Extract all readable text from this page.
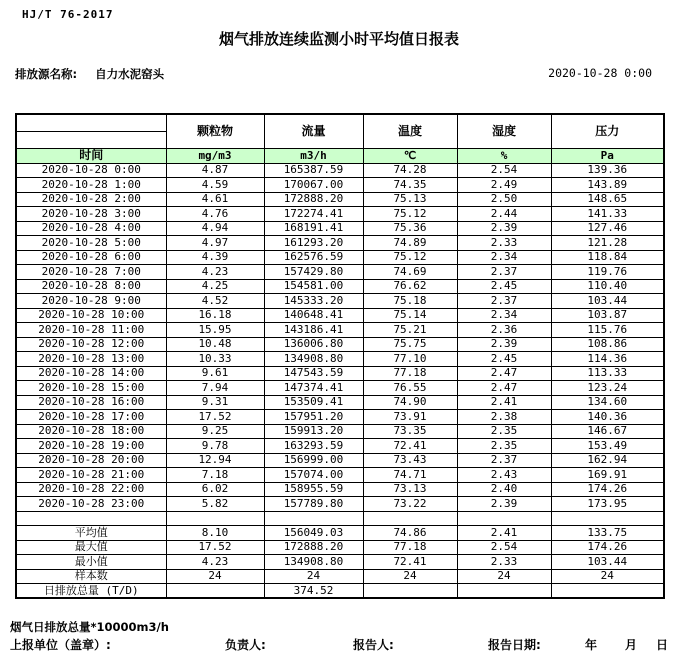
HJ/T 76-2017
烟气排放连续监测小时平均值日报表
排放源名称: 自力水泥窑头	2020-10-28 0:00
	颗粒物	流量	温度	湿度	压力
时间	mg/m3	m3/h	℃	%	Pa
2020-10-28 0:00	4.87	165387.59	74.28	2.54	139.36
2020-10-28 1:00	4.59	170067.00	74.35	2.49	143.89
2020-10-28 2:00	4.61	172888.20	75.13	2.50	148.65
2020-10-28 3:00	4.76	172274.41	75.12	2.44	141.33
2020-10-28 4:00	4.94	168191.41	75.36	2.39	127.46
2020-10-28 5:00	4.97	161293.20	74.89	2.33	121.28
2020-10-28 6:00	4.39	162576.59	75.12	2.34	118.84
2020-10-28 7:00	4.23	157429.80	74.69	2.37	119.76
2020-10-28 8:00	4.25	154581.00	76.62	2.45	110.40
2020-10-28 9:00	4.52	145333.20	75.18	2.37	103.44
2020-10-28 10:00	16.18	140648.41	75.14	2.34	103.87
2020-10-28 11:00	15.95	143186.41	75.21	2.36	115.76
2020-10-28 12:00	10.48	136006.80	75.75	2.39	108.86
2020-10-28 13:00	10.33	134908.80	77.10	2.45	114.36
2020-10-28 14:00	9.61	147543.59	77.18	2.47	113.33
2020-10-28 15:00	7.94	147374.41	76.55	2.47	123.24
2020-10-28 16:00	9.31	153509.41	74.90	2.41	134.60
2020-10-28 17:00	17.52	157951.20	73.91	2.38	140.36
2020-10-28 18:00	9.25	159913.20	73.35	2.35	146.67
2020-10-28 19:00	9.78	163293.59	72.41	2.35	153.49
2020-10-28 20:00	12.94	156999.00	73.43	2.37	162.94
2020-10-28 21:00	7.18	157074.00	74.71	2.43	169.91
2020-10-28 22:00	6.02	158955.59	73.13	2.40	174.26
2020-10-28 23:00	5.82	157789.80	73.22	2.39	173.95

平均值	8.10	156049.03	74.86	2.41	133.75
最大值	17.52	172888.20	77.18	2.54	174.26
最小值	4.23	134908.80	72.41	2.33	103.44
样本数	24	24	24	24	24
日排放总量 (T/D)		374.52			
烟气日排放总量*10000m3/h
上报单位（盖章）:	负责人:	报告人:	报告日期:	年 月 日
